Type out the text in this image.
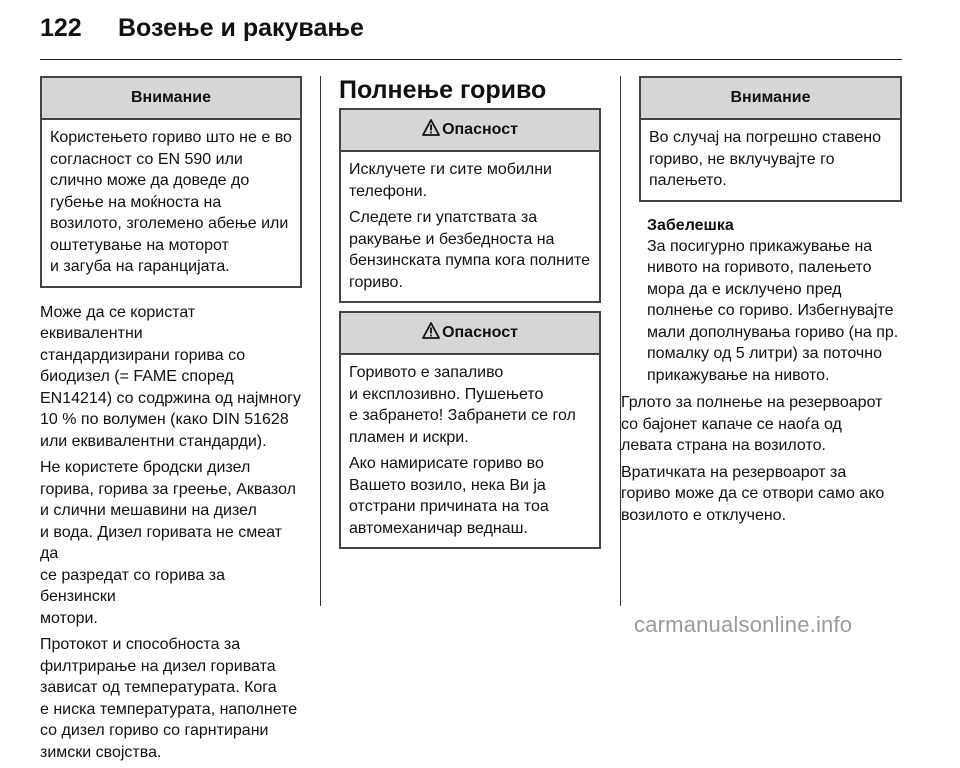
122 Возење и ракување
Внимание
Користењето гориво што не е во
согласност со EN 590 или
слично може да доведе до
губење на моќноста на
возилото, зголемено абење или
оштетување на моторот
и загуба на гаранцијата.

Може да се користат еквивалентни
стандардизирани горива со
биодизел (= FAME според
EN14214) со содржина од најмногу
10 % по волумен (како DIN 51628
или еквивалентни стандарди).

Не користете бродски дизел
горива, горива за греење, Аквазол
и слични мешавини на дизел
и вода. Дизел горивата не смеат да
се разредат со горива за бензински
мотори.

Протокот и способноста за
филтрирање на дизел горивата
зависат од температурата. Кога
е ниска температурата, наполнете
со дизел гориво со гарнтирани
зимски својства.

Полнење гориво
Опасност

Исклучете ги сите мобилни
телефони.

Следете ги упатствата за
ракување и безбедноста на
бензинската пумпа кога полните
гориво.

Опасност

Горивото е запаливо
и експлозивно. Пушењето
е забрането! Забранети се гол
пламен и искри.

Ако намирисате гориво во
Вашето возило, нека Ви ја
отстрани причината на тоа
автомеханичар веднаш.

Внимание
Во случај на погрешно ставено
гориво, не вклучувајте го
палењето.
Забелешка
За посигурно прикажување на
нивото на горивото, палењето
мора да е исклучено пред
полнење со гориво. Избегнувајте
мали дополнувања гориво (на пр.
помалку од 5 литри) за поточно
прикажување на нивото.

Грлото за полнење на резервоарот
со бајонет капаче се наоѓа од
левата страна на возилото.

Вратичката на резервоарот за
гориво може да се отвори само ако
возилото е отклучено.

carmanualsonline.info
